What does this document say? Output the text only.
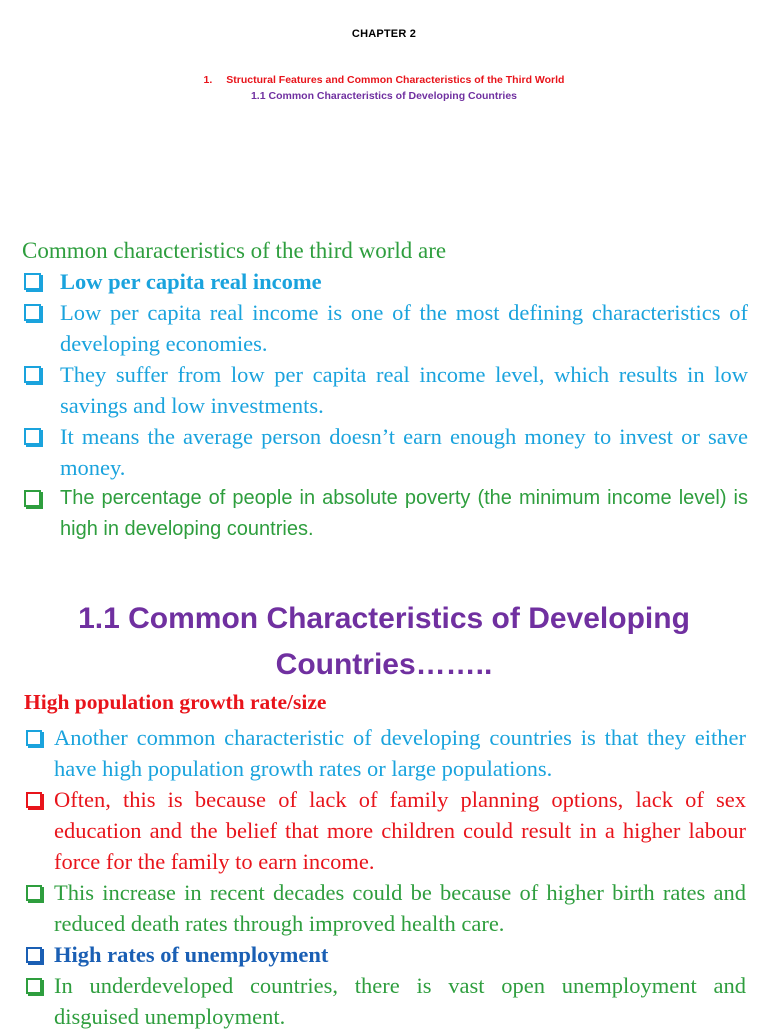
CHAPTER 2
1. Structural Features and Common Characteristics of the Third World
1.1 Common Characteristics of Developing Countries
Common characteristics of the third world are
Low per capita real income
Low per capita real income is one of the most defining characteristics of developing economies.
They suffer from low per capita real income level, which results in low savings and low investments.
It means the average person doesn’t earn enough money to invest or save money.
The percentage of people in absolute poverty (the minimum income level) is high in developing countries.
1.1 Common Characteristics of Developing Countries……..
High population growth rate/size
Another common characteristic of developing countries is that they either have high population growth rates or large populations.
Often, this is because of lack of family planning options, lack of sex education and the belief that more children could result in a higher labour force for the family to earn income.
This increase in recent decades could be because of higher birth rates and reduced death rates through improved health care.
High rates of unemployment
In underdeveloped countries, there is vast open unemployment and disguised unemployment.
